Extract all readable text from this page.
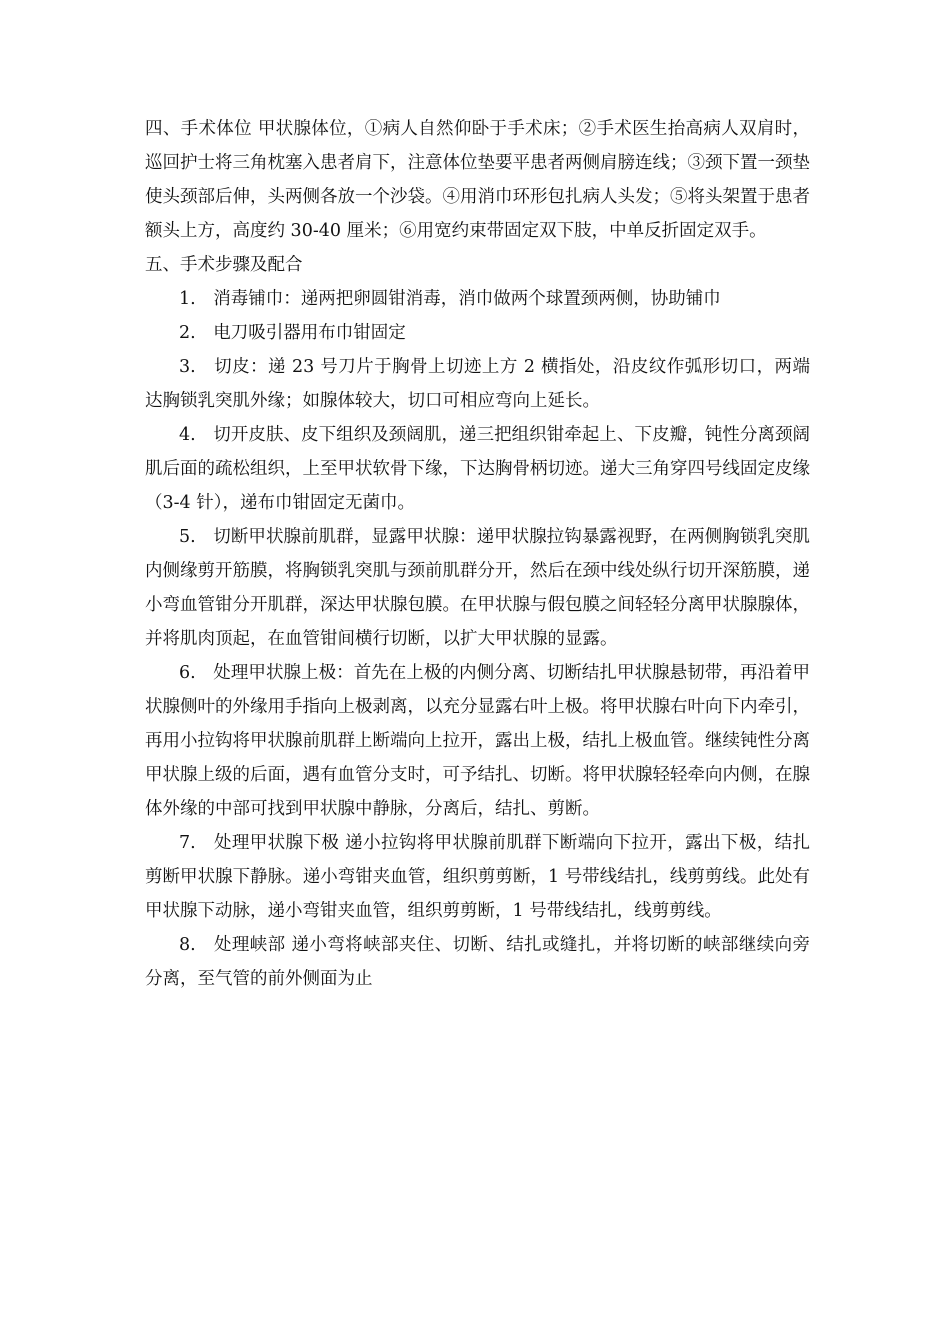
四、手术体位 甲状腺体位，①病人自然仰卧于手术床；②手术医生抬高病人双肩时，巡回护士将三角枕塞入患者肩下，注意体位垫要平患者两侧肩膀连线；③颈下置一颈垫使头颈部后伸，头两侧各放一个沙袋。④用消巾环形包扎病人头发；⑤将头架置于患者额头上方，高度约 30-40 厘米；⑥用宽约束带固定双下肢，中单反折固定双手。

五、手术步骤及配合

1.　消毒铺巾：递两把卵圆钳消毒，消巾做两个球置颈两侧，协助铺巾

2.　电刀吸引器用布巾钳固定

3.　切皮：递 23 号刀片于胸骨上切迹上方 2 横指处，沿皮纹作弧形切口，两端达胸锁乳突肌外缘；如腺体较大，切口可相应弯向上延长。

4.　切开皮肤、皮下组织及颈阔肌，递三把组织钳牵起上、下皮瓣，钝性分离颈阔肌后面的疏松组织，上至甲状软骨下缘，下达胸骨柄切迹。递大三角穿四号线固定皮缘（3-4 针），递布巾钳固定无菌巾。

5.　切断甲状腺前肌群，显露甲状腺：递甲状腺拉钩暴露视野，在两侧胸锁乳突肌内侧缘剪开筋膜，将胸锁乳突肌与颈前肌群分开，然后在颈中线处纵行切开深筋膜，递小弯血管钳分开肌群，深达甲状腺包膜。在甲状腺与假包膜之间轻轻分离甲状腺腺体，并将肌肉顶起，在血管钳间横行切断，以扩大甲状腺的显露。

6.　处理甲状腺上极：首先在上极的内侧分离、切断结扎甲状腺悬韧带，再沿着甲状腺侧叶的外缘用手指向上极剥离，以充分显露右叶上极。将甲状腺右叶向下内牵引，再用小拉钩将甲状腺前肌群上断端向上拉开，露出上极，结扎上极血管。继续钝性分离甲状腺上级的后面，遇有血管分支时，可予结扎、切断。将甲状腺轻轻牵向内侧，在腺体外缘的中部可找到甲状腺中静脉，分离后，结扎、剪断。

7.　处理甲状腺下极 递小拉钩将甲状腺前肌群下断端向下拉开，露出下极，结扎剪断甲状腺下静脉。递小弯钳夹血管，组织剪剪断，1 号带线结扎，线剪剪线。此处有甲状腺下动脉，递小弯钳夹血管，组织剪剪断，1 号带线结扎，线剪剪线。

8.　处理峡部 递小弯将峡部夹住、切断、结扎或缝扎，并将切断的峡部继续向旁分离，至气管的前外侧面为止
